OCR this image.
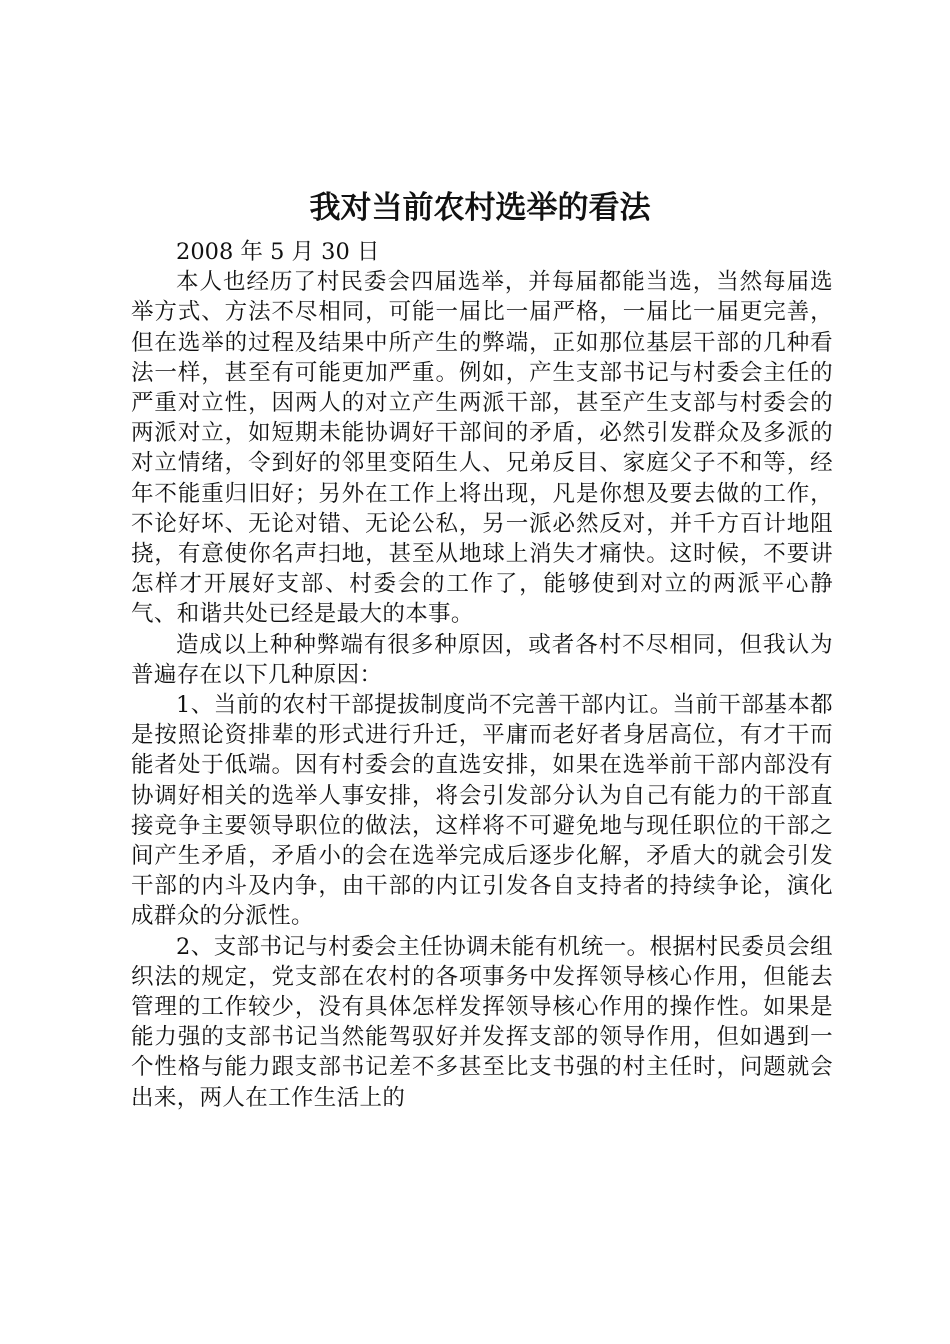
我对当前农村选举的看法

2008 年 5 月 30 日

本人也经历了村民委会四届选举，并每届都能当选，当然每届选举方式、方法不尽相同，可能一届比一届严格，一届比一届更完善，但在选举的过程及结果中所产生的弊端，正如那位基层干部的几种看法一样，甚至有可能更加严重。例如，产生支部书记与村委会主任的严重对立性，因两人的对立产生两派干部，甚至产生支部与村委会的两派对立，如短期未能协调好干部间的矛盾，必然引发群众及多派的对立情绪，令到好的邻里变陌生人、兄弟反目、家庭父子不和等，经年不能重归旧好；另外在工作上将出现，凡是你想及要去做的工作，不论好坏、无论对错、无论公私，另一派必然反对，并千方百计地阻挠，有意使你名声扫地，甚至从地球上消失才痛快。这时候，不要讲怎样才开展好支部、村委会的工作了，能够使到对立的两派平心静气、和谐共处已经是最大的本事。

造成以上种种弊端有很多种原因，或者各村不尽相同，但我认为普遍存在以下几种原因：

1、当前的农村干部提拔制度尚不完善干部内讧。当前干部基本都是按照论资排辈的形式进行升迁，平庸而老好者身居高位，有才干而能者处于低端。因有村委会的直选安排，如果在选举前干部内部没有协调好相关的选举人事安排，将会引发部分认为自己有能力的干部直接竞争主要领导职位的做法，这样将不可避免地与现任职位的干部之间产生矛盾，矛盾小的会在选举完成后逐步化解，矛盾大的就会引发干部的内斗及内争，由干部的内讧引发各自支持者的持续争论，演化成群众的分派性。

2、支部书记与村委会主任协调未能有机统一。根据村民委员会组织法的规定，党支部在农村的各项事务中发挥领导核心作用，但能去管理的工作较少，没有具体怎样发挥领导核心作用的操作性。如果是能力强的支部书记当然能驾驭好并发挥支部的领导作用，但如遇到一个性格与能力跟支部书记差不多甚至比支书强的村主任时，问题就会出来，两人在工作生活上的
